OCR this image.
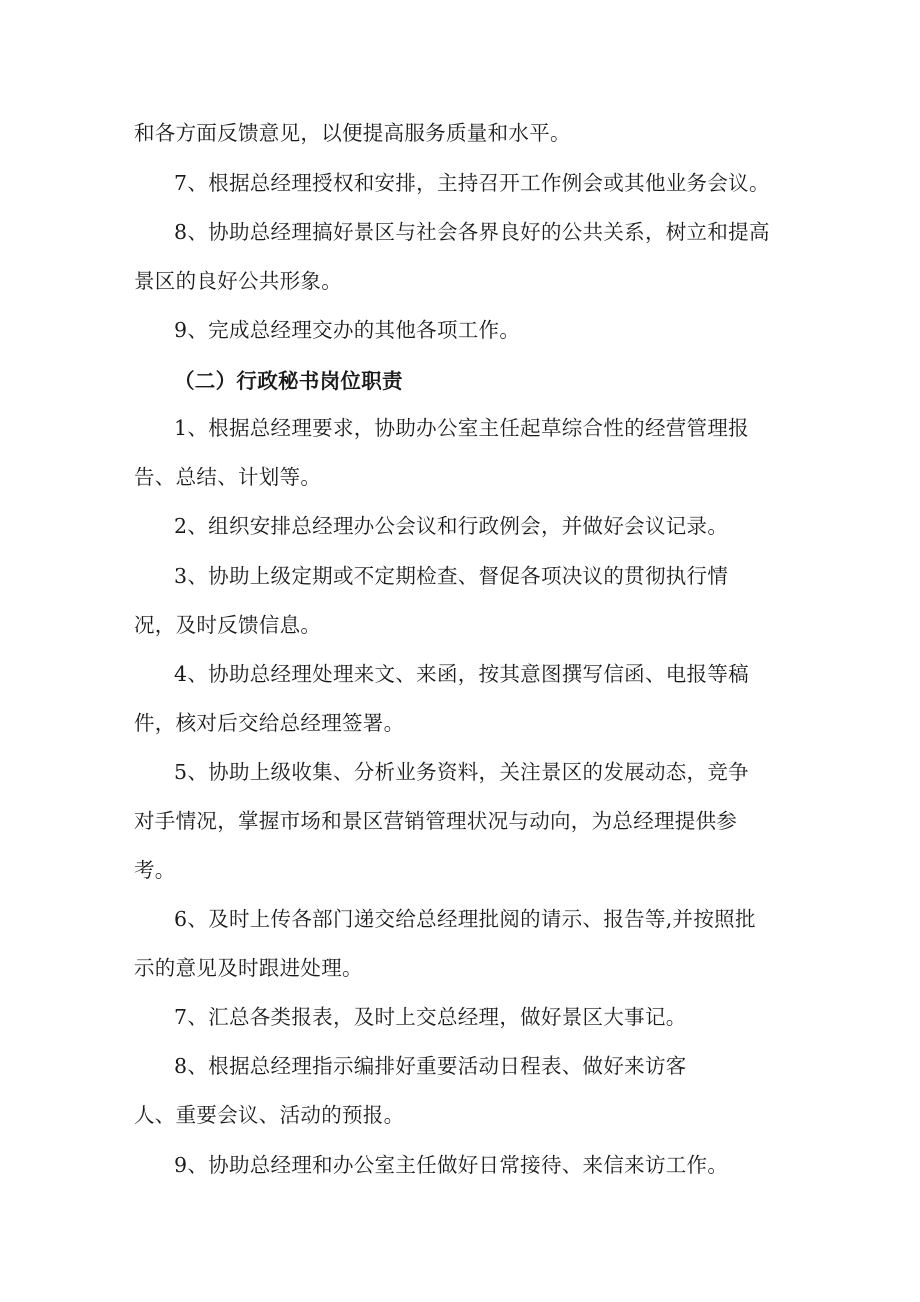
和各方面反馈意见，以便提高服务质量和水平。
7、根据总经理授权和安排，主持召开工作例会或其他业务会议。
8、协助总经理搞好景区与社会各界良好的公共关系，树立和提高
景区的良好公共形象。
9、完成总经理交办的其他各项工作。
（二）行政秘书岗位职责
1、根据总经理要求，协助办公室主任起草综合性的经营管理报
告、总结、计划等。
2、组织安排总经理办公会议和行政例会，并做好会议记录。
3、协助上级定期或不定期检查、督促各项决议的贯彻执行情
况，及时反馈信息。
4、协助总经理处理来文、来函，按其意图撰写信函、电报等稿
件，核对后交给总经理签署。
5、协助上级收集、分析业务资料，关注景区的发展动态，竞争
对手情况，掌握市场和景区营销管理状况与动向，为总经理提供参
考。
6、及时上传各部门递交给总经理批阅的请示、报告等,并按照批
示的意见及时跟进处理。
7、汇总各类报表，及时上交总经理，做好景区大事记。
8、根据总经理指示编排好重要活动日程表、做好来访客
人、重要会议、活动的预报。
9、协助总经理和办公室主任做好日常接待、来信来访工作。
